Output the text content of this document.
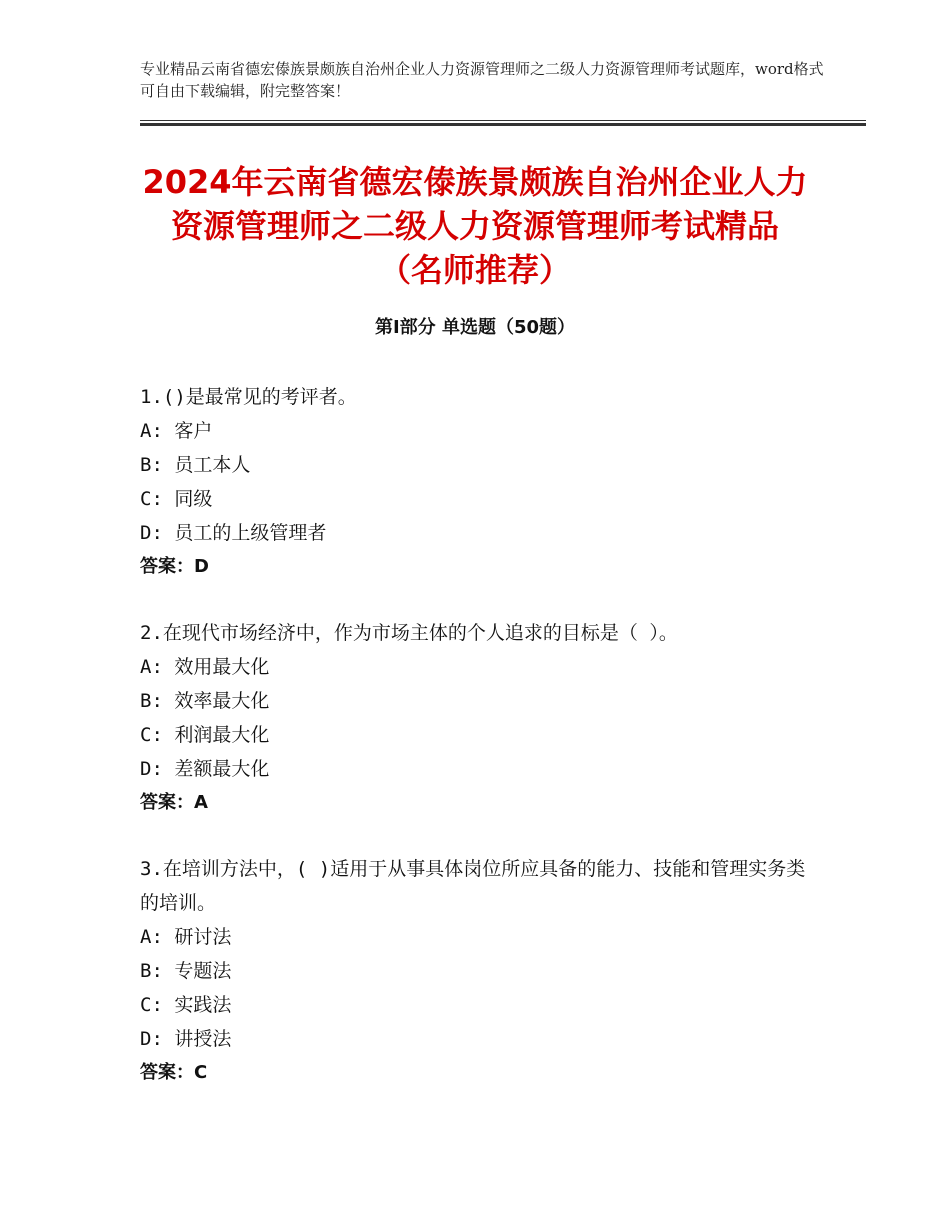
专业精品云南省德宏傣族景颇族自治州企业人力资源管理师之二级人力资源管理师考试题库，word格式可自由下载编辑，附完整答案！
2024年云南省德宏傣族景颇族自治州企业人力资源管理师之二级人力资源管理师考试精品（名师推荐）
第Ⅰ部分 单选题（50题）
1.()是最常见的考评者。
A: 客户
B: 员工本人
C: 同级
D: 员工的上级管理者
答案：D
2.在现代市场经济中，作为市场主体的个人追求的目标是（ ）。
A: 效用最大化
B: 效率最大化
C: 利润最大化
D: 差额最大化
答案：A
3.在培训方法中，( )适用于从事具体岗位所应具备的能力、技能和管理实务类的培训。
A: 研讨法
B: 专题法
C: 实践法
D: 讲授法
答案：C
